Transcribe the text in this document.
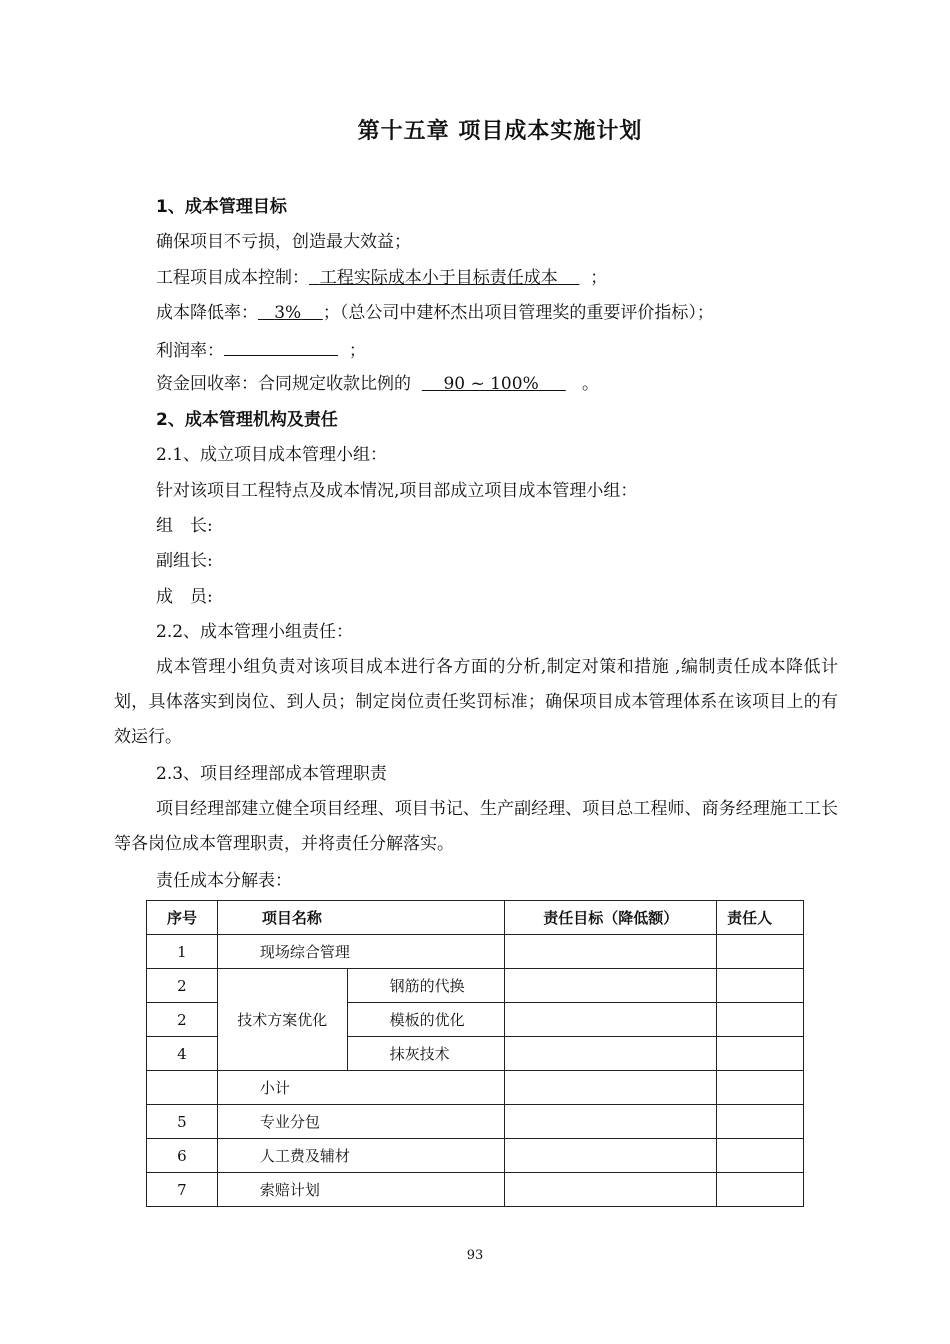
第十五章 项目成本实施计划
1、成本管理目标
确保项目不亏损，创造最大效益；
工程项目成本控制： 工程实际成本小于目标责任成本 ；
成本降低率： 3% ；（总公司中建杯杰出项目管理奖的重要评价指标）；
利润率：	；
资金回收率：合同规定收款比例的 90 ~ 100%	。
2、成本管理机构及责任
2.1、成立项目成本管理小组：
针对该项目工程特点及成本情况,项目部成立项目成本管理小组：
组　长:
副组长:
成　员:
2.2、成本管理小组责任：
成本管理小组负责对该项目成本进行各方面的分析,制定对策和措施 ,编制责任成本降低计划，具体落实到岗位、到人员；制定岗位责任奖罚标准；确保项目成本管理体系在该项目上的有效运行。
2.3、项目经理部成本管理职责
项目经理部建立健全项目经理、项目书记、生产副经理、项目总工程师、商务经理施工工长等各岗位成本管理职责，并将责任分解落实。
责任成本分解表：
序号	项目名称		责任目标（降低额）	责任人
1	现场综合管理			
2	技术方案优化	钢筋的代换		
2		模板的优化		
4		抹灰技术		
	小计			
5	专业分包			
6	人工费及辅材			
7	索赔计划			
93
